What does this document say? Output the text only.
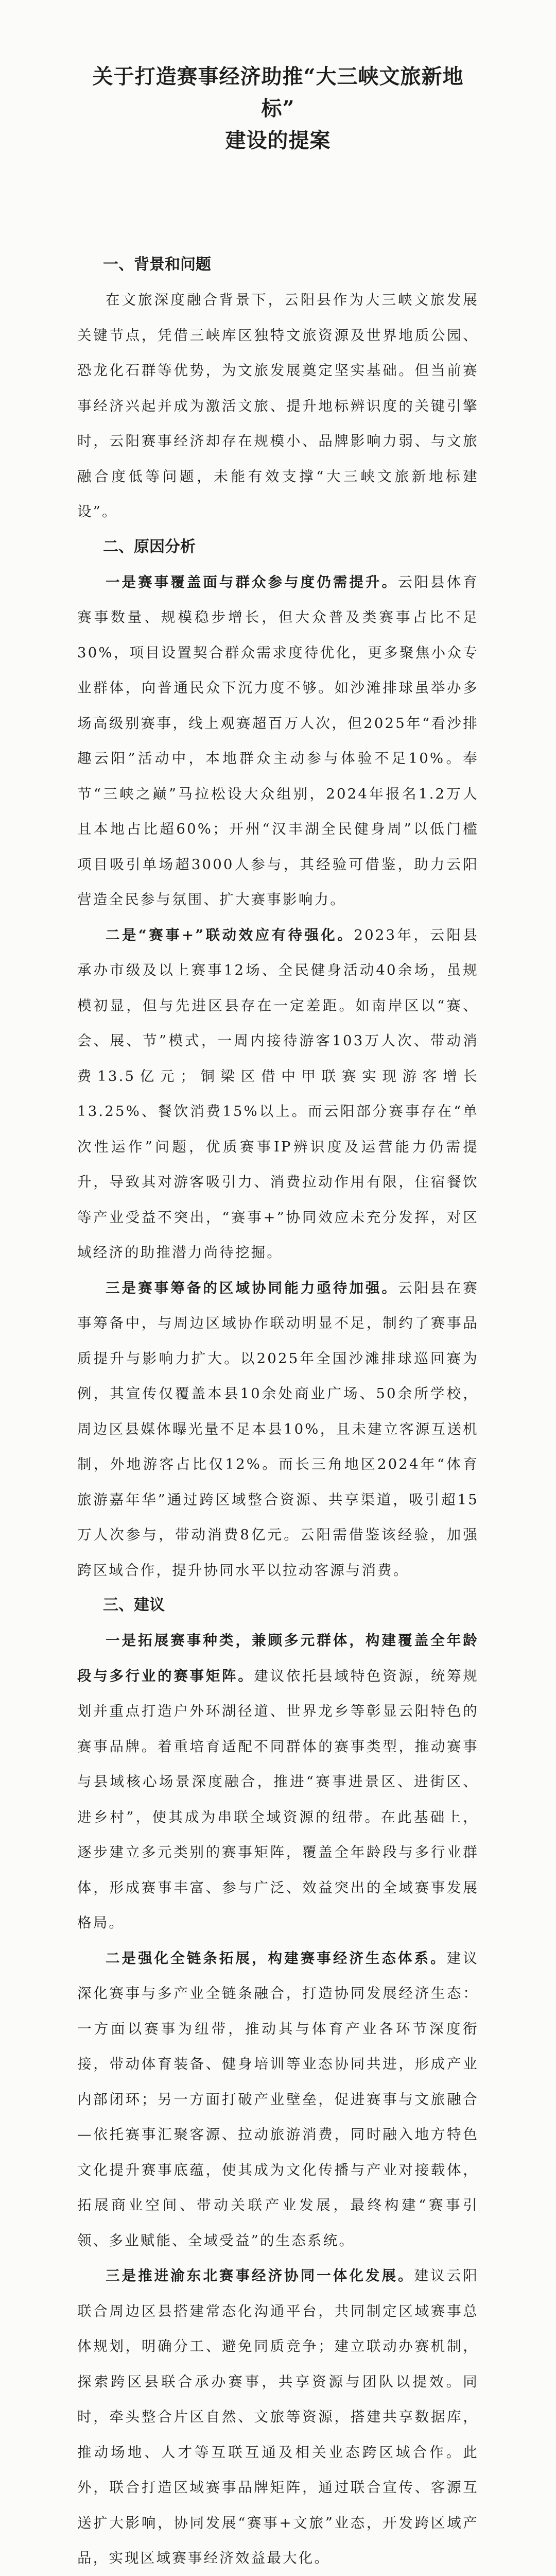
关于打造赛事经济助推“大三峡文旅新地标”
建设的提案
一、背景和问题

在文旅深度融合背景下，云阳县作为大三峡文旅发展关键节点，凭借三峡库区独特文旅资源及世界地质公园、恐龙化石群等优势，为文旅发展奠定坚实基础。但当前赛事经济兴起并成为激活文旅、提升地标辨识度的关键引擎时，云阳赛事经济却存在规模小、品牌影响力弱、与文旅融合度低等问题，未能有效支撑“大三峡文旅新地标建设”。

二、原因分析

一是赛事覆盖面与群众参与度仍需提升。云阳县体育赛事数量、规模稳步增长，但大众普及类赛事占比不足30%，项目设置契合群众需求度待优化，更多聚焦小众专业群体，向普通民众下沉力度不够。如沙滩排球虽举办多场高级别赛事，线上观赛超百万人次，但2025年“看沙排趣云阳”活动中，本地群众主动参与体验不足10%。奉节“三峡之巅”马拉松设大众组别，2024年报名1.2万人且本地占比超60%；开州“汉丰湖全民健身周”以低门槛项目吸引单场超3000人参与，其经验可借鉴，助力云阳营造全民参与氛围、扩大赛事影响力。

二是“赛事+”联动效应有待强化。2023年，云阳县承办市级及以上赛事12场、全民健身活动40余场，虽规模初显，但与先进区县存在一定差距。如南岸区以“赛、会、展、节”模式，一周内接待游客103万人次、带动消费13.5亿元；铜梁区借中甲联赛实现游客增长13.25%、餐饮消费15%以上。而云阳部分赛事存在“单次性运作”问题，优质赛事IP辨识度及运营能力仍需提升，导致其对游客吸引力、消费拉动作用有限，住宿餐饮等产业受益不突出，“赛事+”协同效应未充分发挥，对区域经济的助推潜力尚待挖掘。

三是赛事筹备的区域协同能力亟待加强。云阳县在赛事筹备中，与周边区域协作联动明显不足，制约了赛事品质提升与影响力扩大。以2025年全国沙滩排球巡回赛为例，其宣传仅覆盖本县10余处商业广场、50余所学校，周边区县媒体曝光量不足本县10%，且未建立客源互送机制，外地游客占比仅12%。而长三角地区2024年“体育旅游嘉年华”通过跨区域整合资源、共享渠道，吸引超15万人次参与，带动消费8亿元。云阳需借鉴该经验，加强跨区域合作，提升协同水平以拉动客源与消费。

三、建议

一是拓展赛事种类，兼顾多元群体，构建覆盖全年龄段与多行业的赛事矩阵。建议依托县域特色资源，统筹规划并重点打造户外环湖径道、世界龙乡等彰显云阳特色的赛事品牌。着重培育适配不同群体的赛事类型，推动赛事与县域核心场景深度融合，推进“赛事进景区、进街区、进乡村”，使其成为串联全域资源的纽带。在此基础上，逐步建立多元类别的赛事矩阵，覆盖全年龄段与多行业群体，形成赛事丰富、参与广泛、效益突出的全域赛事发展格局。

二是强化全链条拓展，构建赛事经济生态体系。建议深化赛事与多产业全链条融合，打造协同发展经济生态：一方面以赛事为纽带，推动其与体育产业各环节深度衔接，带动体育装备、健身培训等业态协同共进，形成产业内部闭环；另一方面打破产业壁垒，促进赛事与文旅融合—依托赛事汇聚客源、拉动旅游消费，同时融入地方特色文化提升赛事底蕴，使其成为文化传播与产业对接载体，拓展商业空间、带动关联产业发展，最终构建“赛事引领、多业赋能、全域受益”的生态系统。

三是推进渝东北赛事经济协同一体化发展。建议云阳联合周边区县搭建常态化沟通平台，共同制定区域赛事总体规划，明确分工、避免同质竞争；建立联动办赛机制，探索跨区县联合承办赛事，共享资源与团队以提效。同时，牵头整合片区自然、文旅等资源，搭建共享数据库，推动场地、人才等互联互通及相关业态跨区域合作。此外，联合打造区域赛事品牌矩阵，通过联合宣传、客源互送扩大影响，协同发展“赛事+文旅”业态，开发跨区域产品，实现区域赛事经济效益最大化。
